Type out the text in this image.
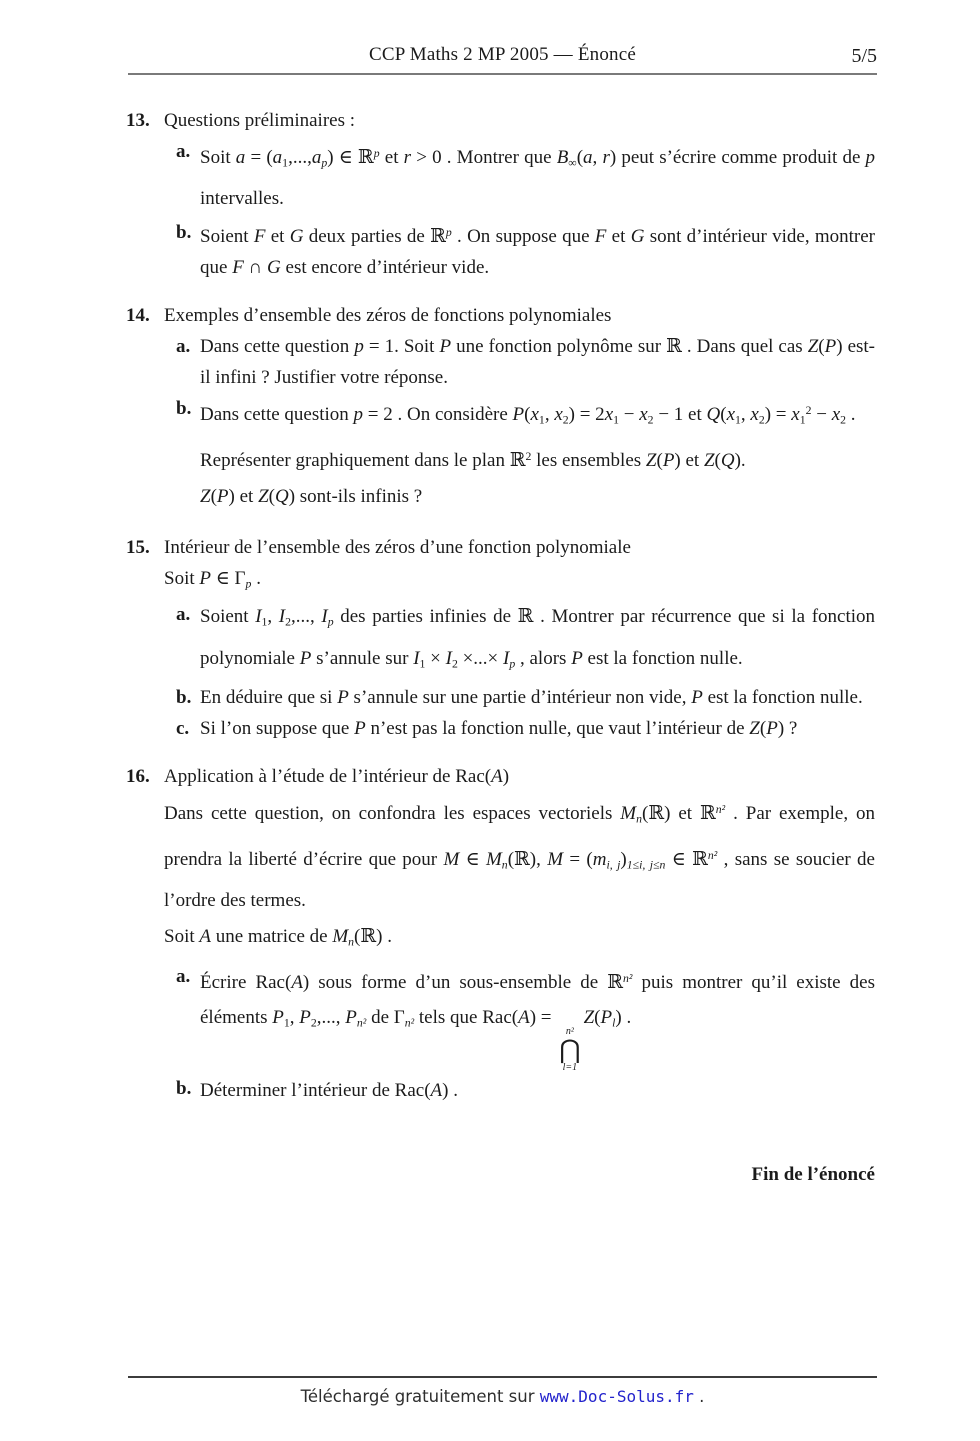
CCP Maths 2 MP 2005 — Énoncé	5/5
13. Questions préliminaires :
a. Soit a = (a1,...,ap) ∈ ℝ$^p$ et r > 0 . Montrer que B∞(a, r) peut s’écrire comme produit de p intervalles.

b. Soient F et G deux parties de ℝ$^p$ . On suppose que F et G sont d’intérieur vide, montrer que F ∩ G est encore d’intérieur vide.

14. Exemples d’ensemble des zéros de fonctions polynomiales
a. Dans cette question p = 1. Soit P une fonction polynôme sur ℝ . Dans quel cas Z(P) est-il infini ? Justifier votre réponse.

b. Dans cette question p = 2 . On considère P(x1, x2) = 2x1 − x2 − 1 et Q(x1, $x2) = x1^2 - x2$ .

Représenter graphiquement dans le plan ℝ$^2$ les ensembles Z(P) et Z(Q).

Z(P) et Z(Q) sont-ils infinis ?

15. Intérieur de l’ensemble des zéros d’une fonction polynomiale

Soit P ∈ Γp .

a. Soient I1, I2,..., Ip des parties infinies de ℝ . Montrer par récurrence que si la fonction polynomiale P s’annule sur I1 × I2 ×...× Ip , alors P est la fonction nulle.

b. En déduire que si P s’annule sur une partie d’intérieur non vide, P est la fonction nulle.

c. Si l’on suppose que P n’est pas la fonction nulle, que vaut l’intérieur de Z(P) ?

16. Application à l’étude de l’intérieur de Rac(A)

Dans cette question, on confondra les espaces vectoriels Mn(ℝ) et ℝ$^{n^2}$ . Par exemple, on prendra la liberté d’écrire que pour M ∈ Mn(ℝ), M = (mi, j)1≤i, j≤n ∈ ℝ$^{n^2}$ , sans se soucier de l’ordre des termes.

Soit A une matrice de Mn(ℝ) .

a. Écrire Rac(A) sous forme d’un sous-ensemble de ℝ$^{n^2}$ puis montrer qu’il existe des éléments P1, P2,..., Pn² de Γn² tels que Rac(A) =
n²
⋂
l=1
Z(Pl) .

b. Déterminer l’intérieur de Rac(A) .

Fin de l’énoncé
Téléchargé gratuitement sur www.Doc-Solus.fr .
